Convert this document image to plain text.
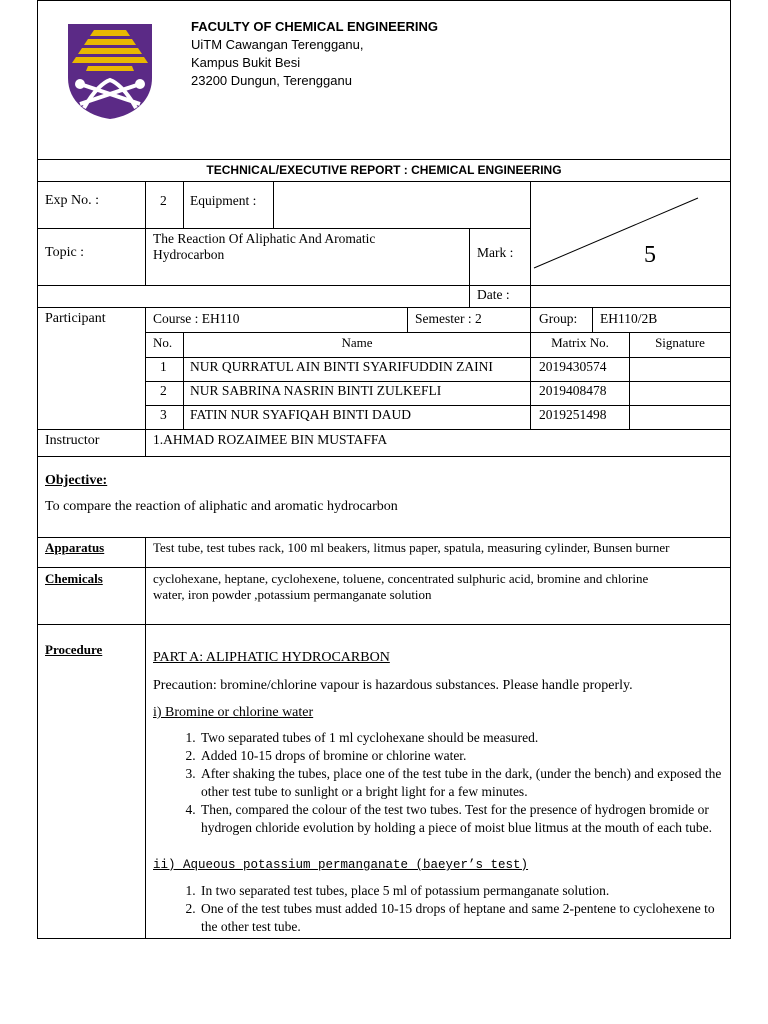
FACULTY OF CHEMICAL ENGINEERING
UiTM Cawangan Terengganu,
Kampus Bukit Besi
23200 Dungun, Terengganu
TECHNICAL/EXECUTIVE REPORT : CHEMICAL ENGINEERING
Exp No. :	2 Equipment :
Topic :
The Reaction Of Aliphatic And Aromatic
Hydrocarbon	Mark :	5
Date :
Participant	Course : EH110	Semester : 2	Group: EH110/2B
No.	Name	Matrix No.	Signature
1 NUR QURRATUL AIN BINTI SYARIFUDDIN ZAINI	2019430574
2 NUR SABRINA NASRIN BINTI ZULKEFLI	2019408478
3 FATIN NUR SYAFIQAH BINTI DAUD	2019251498
Instructor	1.AHMAD ROZAIMEE BIN MUSTAFFA
Objective:
To compare the reaction of aliphatic and aromatic hydrocarbon
Apparatus	Test tube, test tubes rack, 100 ml beakers, litmus paper, spatula, measuring cylinder, Bunsen burner
Chemicals	cyclohexane, heptane, cyclohexene, toluene, concentrated sulphuric acid, bromine and chlorine
water, iron powder ,potassium permanganate solution
Procedure
PART A: ALIPHATIC HYDROCARBON
Precaution: bromine/chlorine vapour is hazardous substances. Please handle properly.
i) Bromine or chlorine water
1. Two separated tubes of 1 ml cyclohexane should be measured.
2. Added 10-15 drops of bromine or chlorine water.
3. After shaking the tubes, place one of the test tube in the dark, (under the bench) and exposed the other test tube to sunlight or a bright light for a few minutes.
4. Then, compared the colour of the test two tubes. Test for the presence of hydrogen bromide or hydrogen chloride evolution by holding a piece of moist blue litmus at the mouth of each tube.
ii) Aqueous potassium permanganate (baeyer’s test)
1. In two separated test tubes, place 5 ml of potassium permanganate solution.
2. One of the test tubes must added 10-15 drops of heptane and same 2-pentene to cyclohexene to the other test tube.
